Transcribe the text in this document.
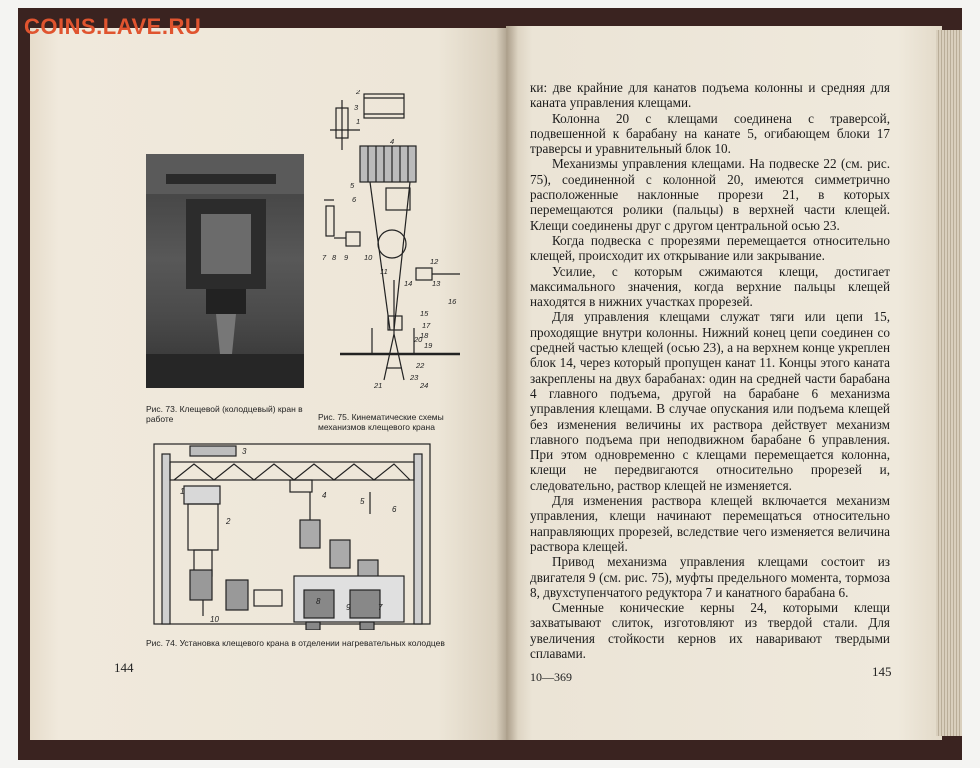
COINS.LAVE.RU
Рис. 73. Клещевой (колодцевый) кран в работе
2
3
1
4
5
6
7 8 9 10
11
12
13
14
15
16
17
18
19
20
21
22
23
24
Рис. 75. Кинематические схемы механизмов клещевого крана
1
2
3
4
5
6
7
8
9
10
Рис. 74. Установка клещевого крана в отделении нагревательных колодцев
144

ки: две крайние для канатов подъема колонны и средняя для каната управления клещами.

Колонна 20 с клещами соединена с траверсой, подвешенной к барабану на канате 5, огибающем блоки 17 траверсы и уравнительный блок 10.

Механизмы управления клещами. На подвеске 22 (см. рис. 75), соединенной с колонной 20, имеются симметрично расположенные наклонные прорези 21, в которых перемещаются ролики (пальцы) в верхней части клещей. Клещи соединены друг с другом центральной осью 23.

Когда подвеска с прорезями перемещается относительно клещей, происходит их открывание или закрывание.

Усилие, с которым сжимаются клещи, достигает максимального значения, когда верхние пальцы клещей находятся в нижних участках прорезей.

Для управления клещами служат тяги или цепи 15, проходящие внутри колонны. Нижний конец цепи соединен со средней частью клещей (осью 23), а на верхнем конце укреплен блок 14, через который пропущен канат 11. Концы этого каната закреплены на двух барабанах: один на средней части барабана 4 главного подъема, другой на барабане 6 механизма управления клещами. В случае опускания или подъема клещей без изменения величины их раствора действует механизм главного подъема при неподвижном барабане 6 управления. При этом одновременно с клещами перемещается колонна, клещи не передвигаются относительно прорезей и, следовательно, раствор клещей не изменяется.

Для изменения раствора клещей включается механизм управления, клещи начинают перемещаться относительно направляющих прорезей, вследствие чего изменяется величина раствора клещей.

Привод механизма управления клещами состоит из двигателя 9 (см. рис. 75), муфты предельного момента, тормоза 8, двухступенчатого редуктора 7 и канатного барабана 6.

Сменные конические керны 24, которыми клещи захватывают слиток, изготовляют из твердой стали. Для увеличения стойкости кернов их наваривают твердыми сплавами.

10—369	145
